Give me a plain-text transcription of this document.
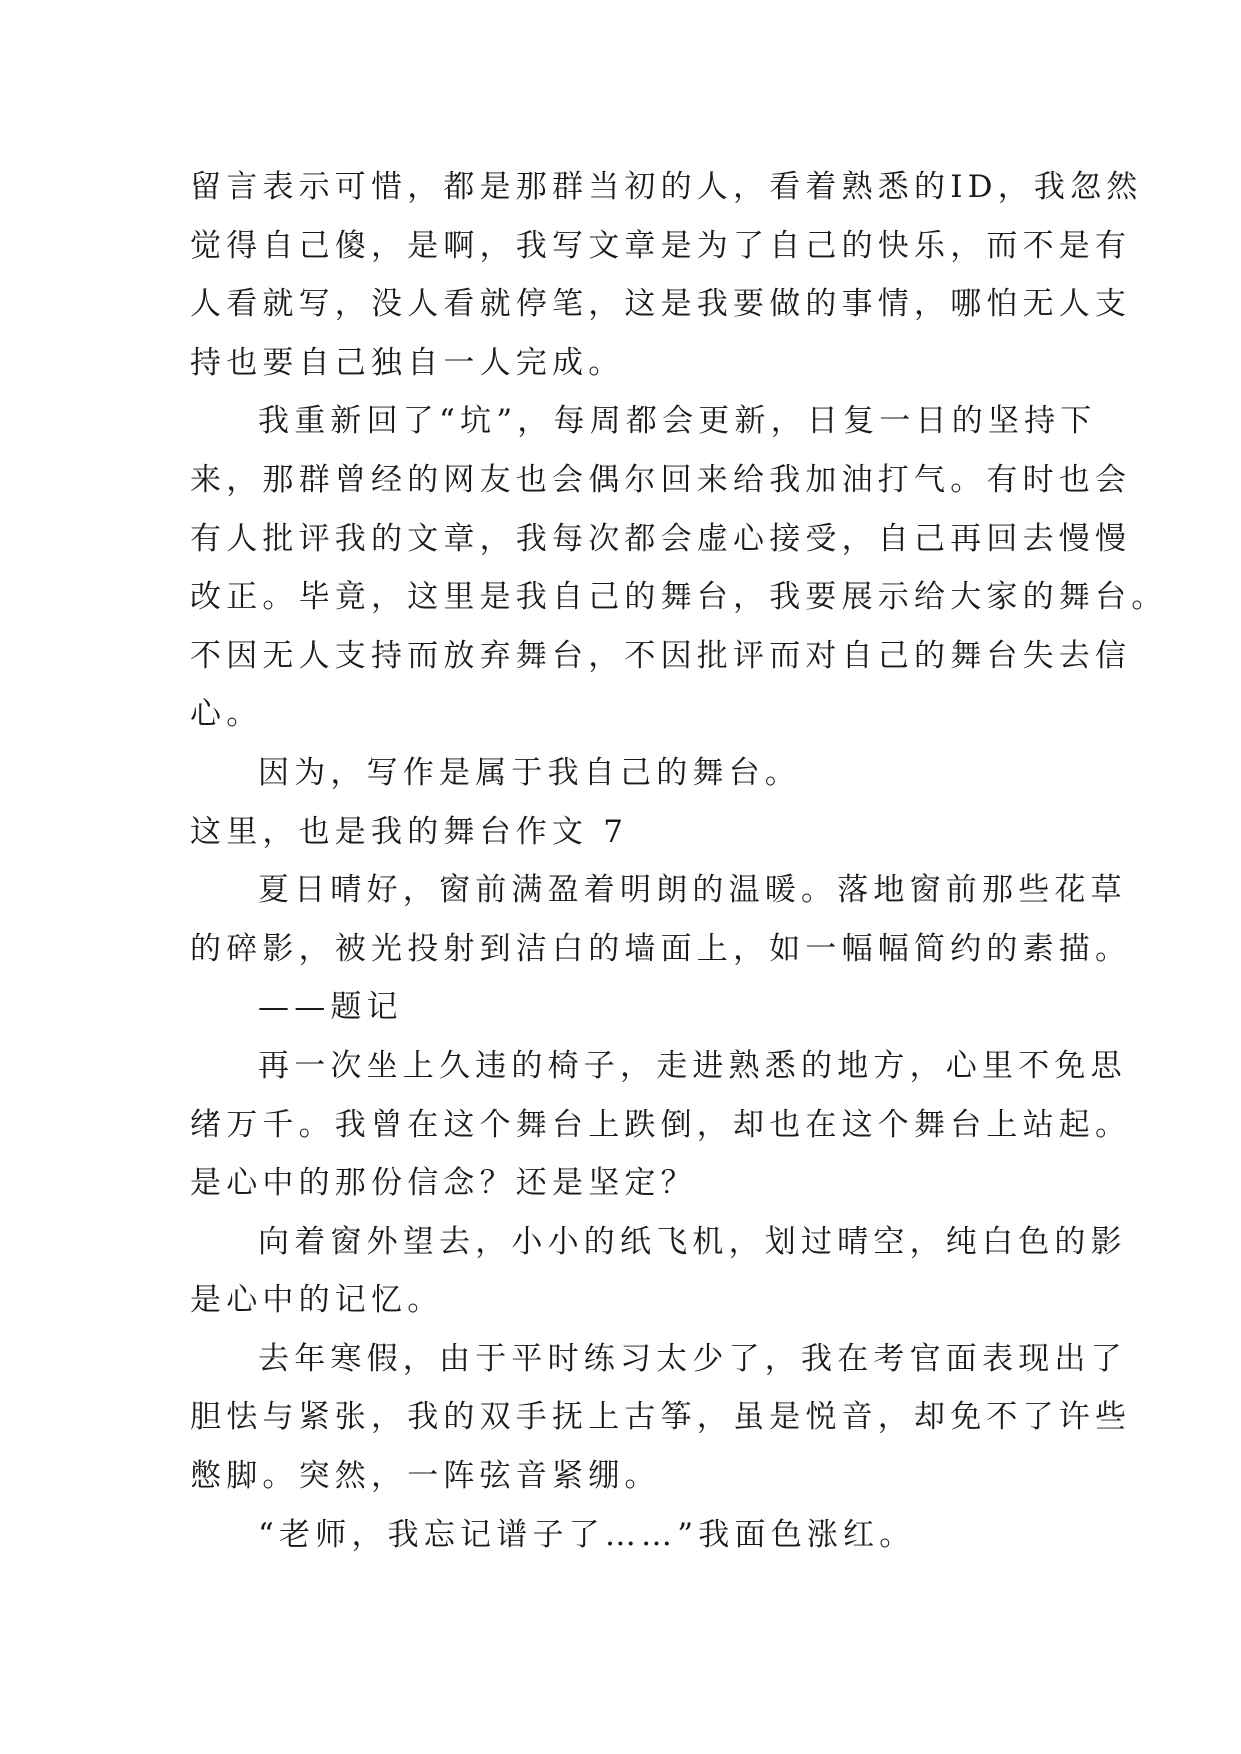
留言表示可惜，都是那群当初的人，看着熟悉的ID，我忽然
觉得自己傻，是啊，我写文章是为了自己的快乐，而不是有
人看就写，没人看就停笔，这是我要做的事情，哪怕无人支
持也要自己独自一人完成。
我重新回了“坑”，每周都会更新，日复一日的坚持下
来，那群曾经的网友也会偶尔回来给我加油打气。有时也会
有人批评我的文章，我每次都会虚心接受，自己再回去慢慢
改正。毕竟，这里是我自己的舞台，我要展示给大家的舞台。
不因无人支持而放弃舞台，不因批评而对自己的舞台失去信
心。
因为，写作是属于我自己的舞台。
这里，也是我的舞台作文 7
夏日晴好，窗前满盈着明朗的温暖。落地窗前那些花草
的碎影，被光投射到洁白的墙面上，如一幅幅简约的素描。
——题记
再一次坐上久违的椅子，走进熟悉的地方，心里不免思
绪万千。我曾在这个舞台上跌倒，却也在这个舞台上站起。
是心中的那份信念？还是坚定？
向着窗外望去，小小的纸飞机，划过晴空，纯白色的影
是心中的记忆。
去年寒假，由于平时练习太少了，我在考官面表现出了
胆怯与紧张，我的双手抚上古筝，虽是悦音，却免不了许些
憋脚。突然，一阵弦音紧绷。
“老师，我忘记谱子了……”我面色涨红。
